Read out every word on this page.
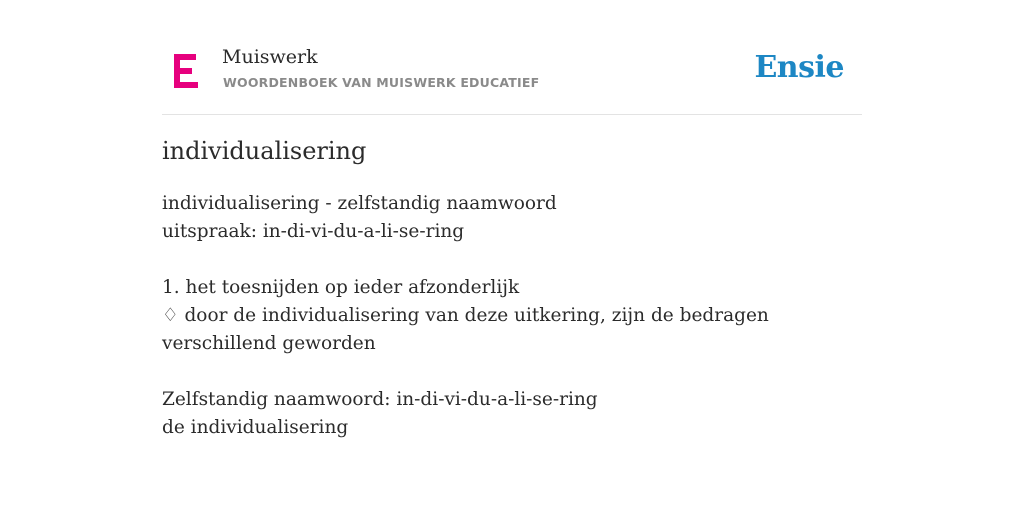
Muiswerk
WOORDENBOEK VAN MUISWERK EDUCATIEF	Ensie
individualisering
individualisering - zelfstandig naamwoord
uitspraak: in-di-vi-du-a-li-se-ring
1. het toesnijden op ieder afzonderlijk
♢ door de individualisering van deze uitkering, zijn de bedragen verschillend geworden
Zelfstandig naamwoord: in-di-vi-du-a-li-se-ring
de individualisering
